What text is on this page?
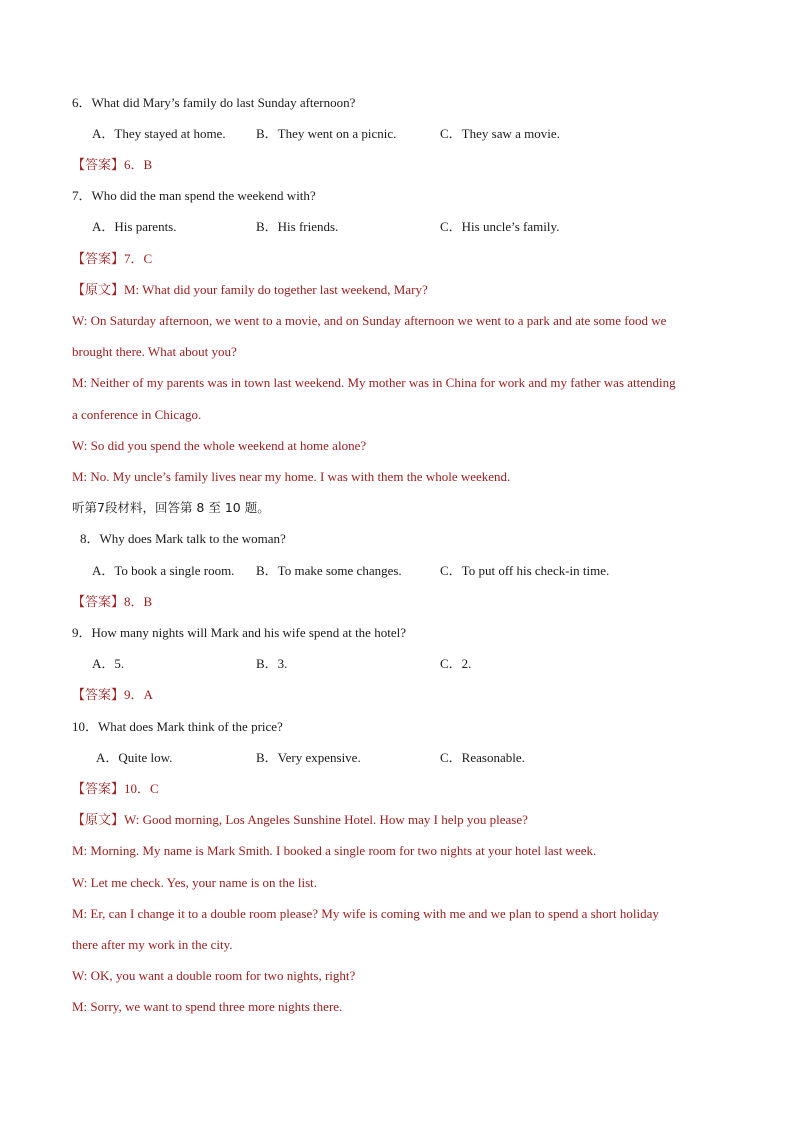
6．What did Mary’s family do last Sunday afternoon?
A．They stayed at home. B．They went on a picnic.	C．They saw a movie.
【答案】6．B
7．Who did the man spend the weekend with?
A．His parents.	B．His friends.	C．His uncle’s family.
【答案】7．C
【原文】M: What did your family do together last weekend, Mary?
W: On Saturday afternoon, we went to a movie, and on Sunday afternoon we went to a park and ate some food we
brought there. What about you?
M: Neither of my parents was in town last weekend. My mother was in China for work and my father was attending
a conference in Chicago.
W: So did you spend the whole weekend at home alone?
M: No. My uncle’s family lives near my home. I was with them the whole weekend.
听第7段材料，回答第 8 至 10 题。
8．Why does Mark talk to the woman?
A．To book a single room. B．To make some changes.	C．To put off his check-in time.
【答案】8．B
9．How many nights will Mark and his wife spend at the hotel?
A．5.	B．3.	C．2.
【答案】9．A
10．What does Mark think of the price?
A．Quite low.	B．Very expensive.	C．Reasonable.
【答案】10．C
【原文】W: Good morning, Los Angeles Sunshine Hotel. How may I help you please?
M: Morning. My name is Mark Smith. I booked a single room for two nights at your hotel last week.
W: Let me check. Yes, your name is on the list.
M: Er, can I change it to a double room please? My wife is coming with me and we plan to spend a short holiday
there after my work in the city.
W: OK, you want a double room for two nights, right?
M: Sorry, we want to spend three more nights there.
